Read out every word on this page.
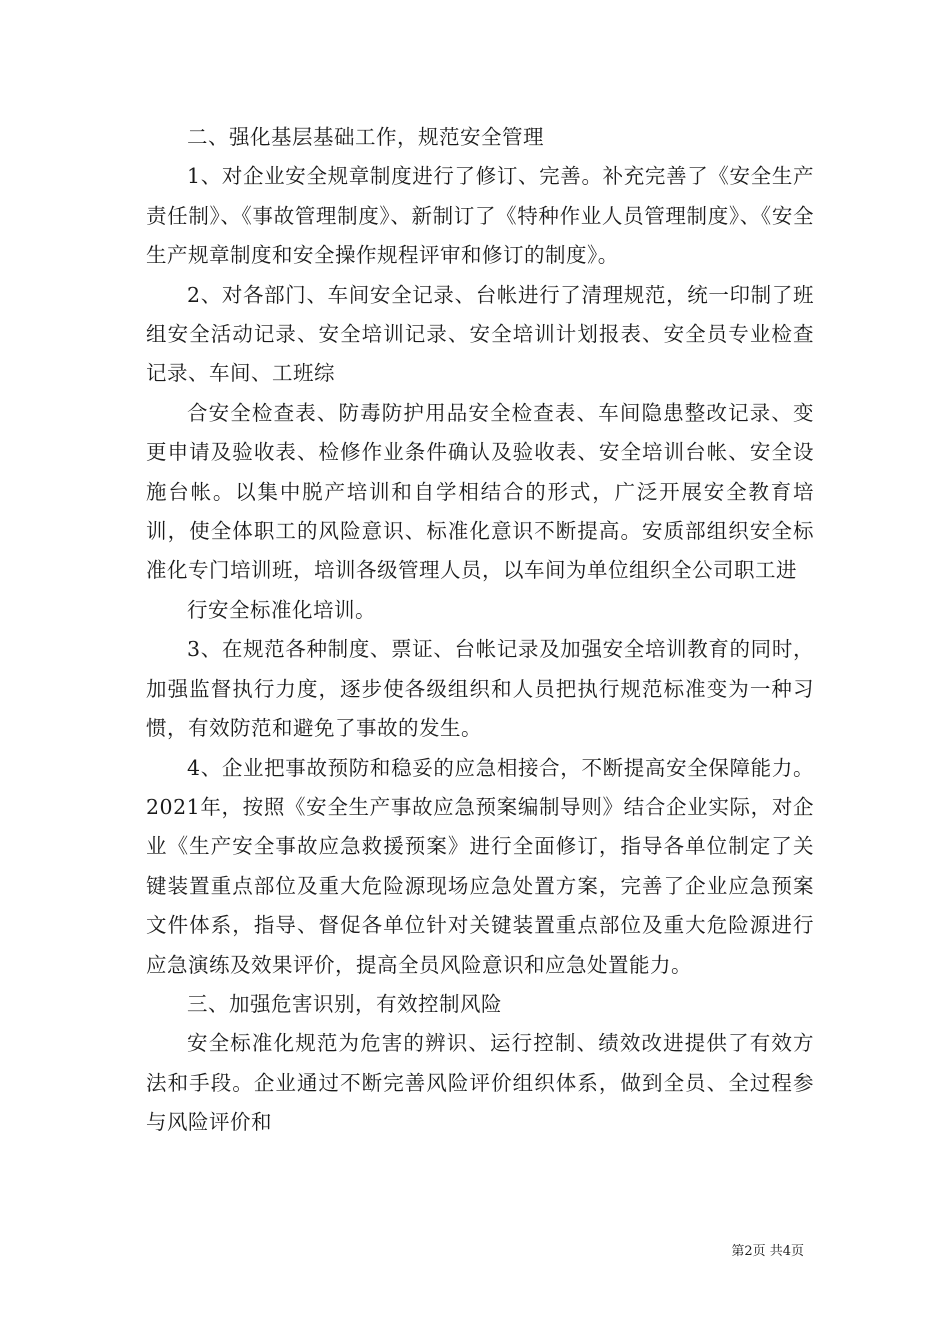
二、强化基层基础工作，规范安全管理

1、对企业安全规章制度进行了修订、完善。补充完善了《安全生产责任制》、《事故管理制度》、新制订了《特种作业人员管理制度》、《安全生产规章制度和安全操作规程评审和修订的制度》。

2、对各部门、车间安全记录、台帐进行了清理规范，统一印制了班组安全活动记录、安全培训记录、安全培训计划报表、安全员专业检查记录、车间、工班综

合安全检查表、防毒防护用品安全检查表、车间隐患整改记录、变更申请及验收表、检修作业条件确认及验收表、安全培训台帐、安全设施台帐。以集中脱产培训和自学相结合的形式，广泛开展安全教育培训，使全体职工的风险意识、标准化意识不断提高。安质部组织安全标准化专门培训班，培训各级管理人员，以车间为单位组织全公司职工进

行安全标准化培训。

3、在规范各种制度、票证、台帐记录及加强安全培训教育的同时，加强监督执行力度，逐步使各级组织和人员把执行规范标准变为一种习惯，有效防范和避免了事故的发生。

4、企业把事故预防和稳妥的应急相接合，不断提高安全保障能力。2021年，按照《安全生产事故应急预案编制导则》结合企业实际，对企业《生产安全事故应急救援预案》进行全面修订，指导各单位制定了关键装置重点部位及重大危险源现场应急处置方案，完善了企业应急预案文件体系，指导、督促各单位针对关键装置重点部位及重大危险源进行应急演练及效果评价，提高全员风险意识和应急处置能力。

三、加强危害识别，有效控制风险

安全标准化规范为危害的辨识、运行控制、绩效改进提供了有效方法和手段。企业通过不断完善风险评价组织体系，做到全员、全过程参与风险评价和

第2页 共4页
